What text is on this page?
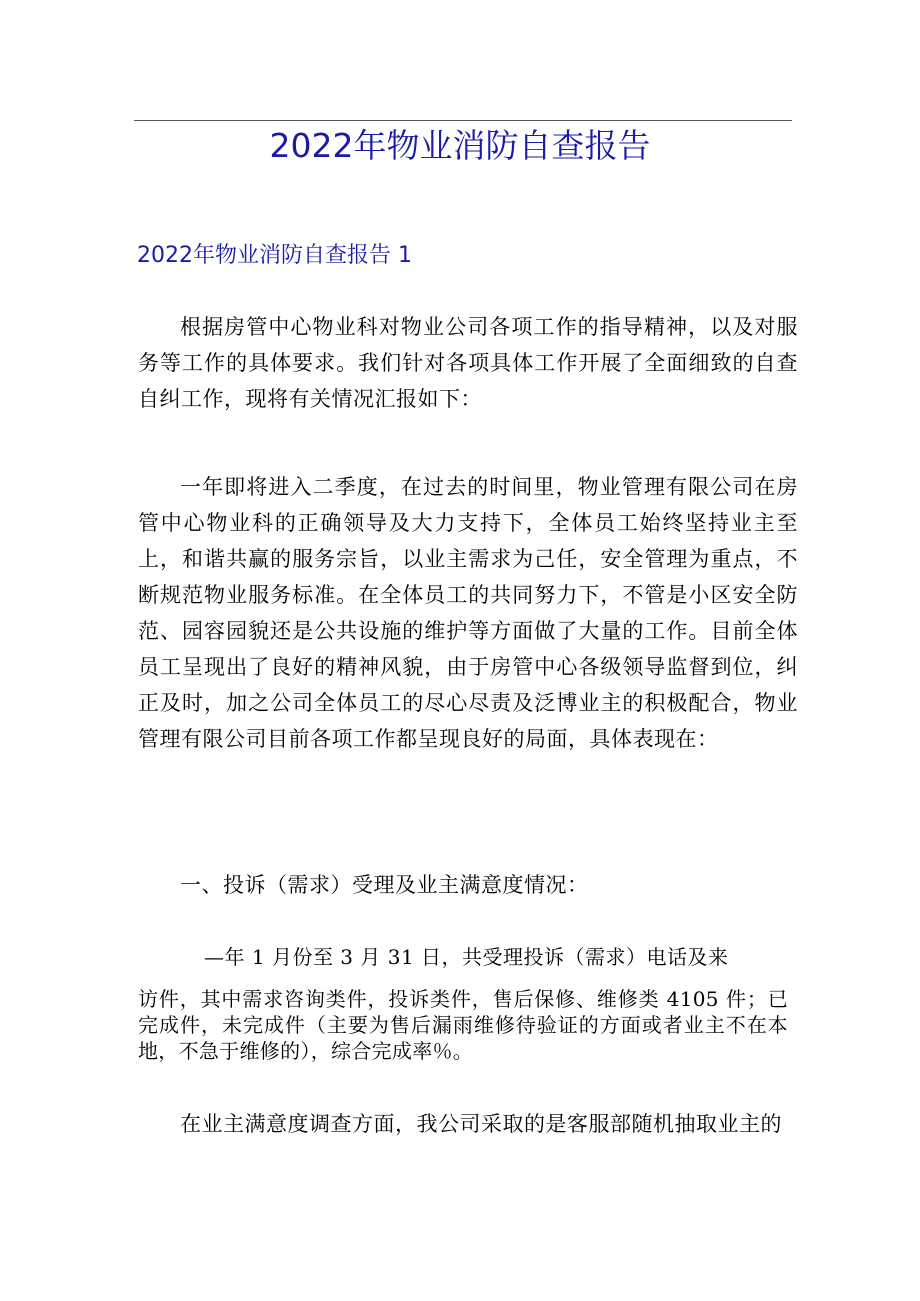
2022年物业消防自查报告
2022年物业消防自查报告 1

根据房管中心物业科对物业公司各项工作的指导精神，以及对服务等工作的具体要求。我们针对各项具体工作开展了全面细致的自查自纠工作，现将有关情况汇报如下：

一年即将进入二季度，在过去的时间里，物业管理有限公司在房管中心物业科的正确领导及大力支持下，全体员工始终坚持业主至上，和谐共赢的服务宗旨，以业主需求为己任，安全管理为重点，不断规范物业服务标准。在全体员工的共同努力下，不管是小区安全防范、园容园貌还是公共设施的维护等方面做了大量的工作。目前全体员工呈现出了良好的精神风貌，由于房管中心各级领导监督到位，纠正及时，加之公司全体员工的尽心尽责及泛博业主的积极配合，物业管理有限公司目前各项工作都呈现良好的局面，具体表现在：

一、投诉（需求）受理及业主满意度情况：

—年 1 月份至 3 月 31 日，共受理投诉（需求）电话及来
访件，其中需求咨询类件，投诉类件，售后保修、维修类 4105 件；已完成件，未完成件（主要为售后漏雨维修待验证的方面或者业主不在本地，不急于维修的），综合完成率％。

在业主满意度调查方面，我公司采取的是客服部随机抽取业主的
